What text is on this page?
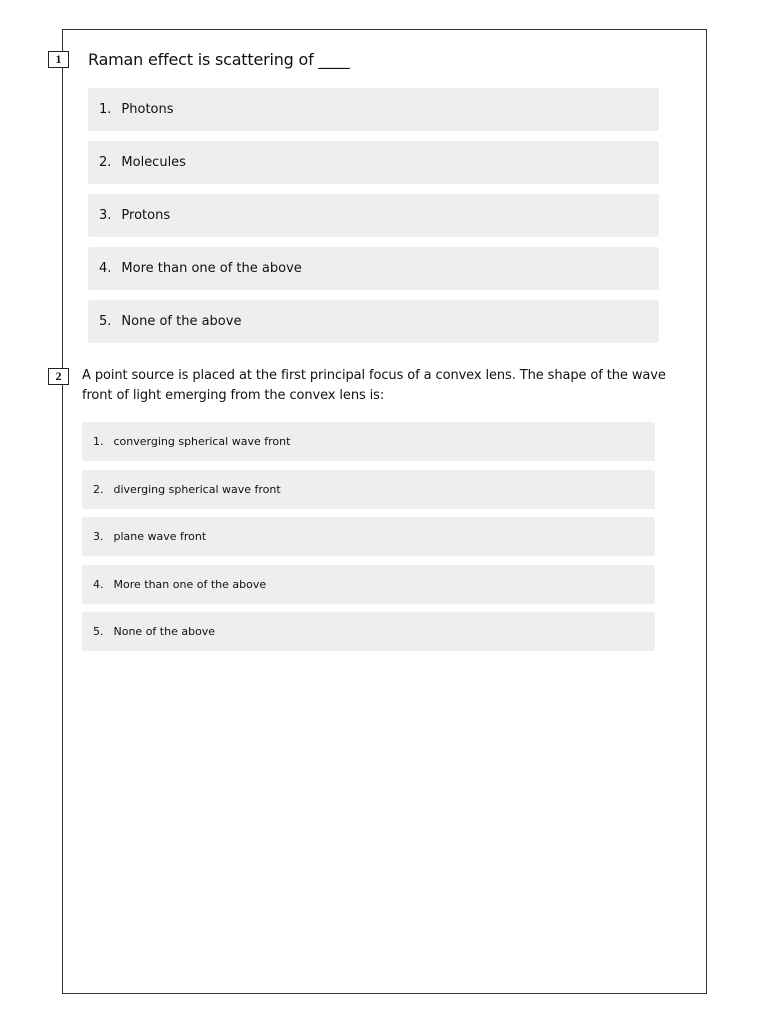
1	Raman effect is scattering of ____
1. Photons
2. Molecules
3. Protons
4. More than one of the above
5. None of the above
2	A point source is placed at the first principal focus of a convex lens. The shape of the wave front of light emerging from the convex lens is:
1. converging spherical wave front
2. diverging spherical wave front
3. plane wave front
4. More than one of the above
5. None of the above
